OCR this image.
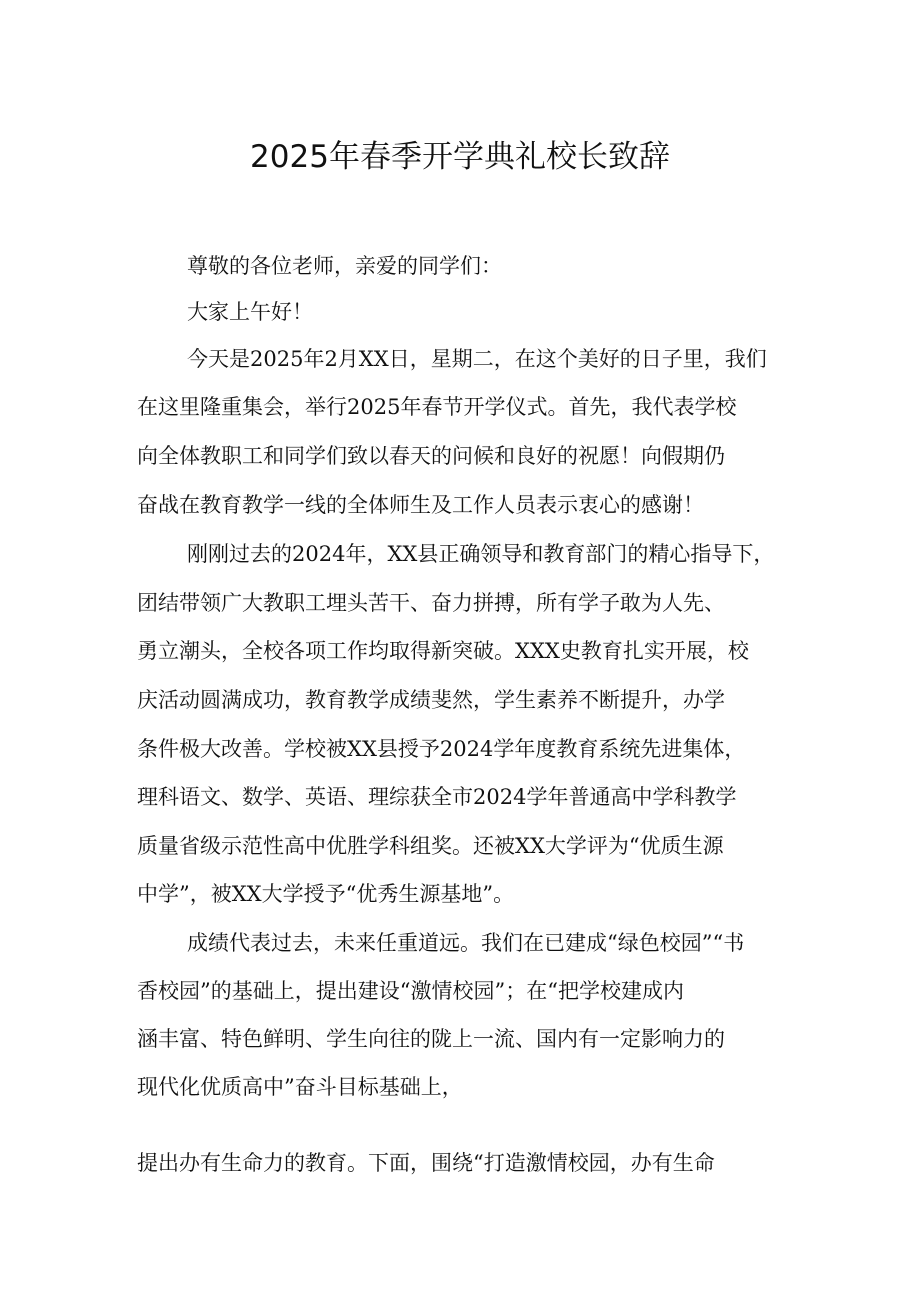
2025年春季开学典礼校长致辞

尊敬的各位老师，亲爱的同学们：

大家上午好！

今天是2025年2月XX日，星期二，在这个美好的日子里，我们

在这里隆重集会，举行2025年春节开学仪式。首先，我代表学校

向全体教职工和同学们致以春天的问候和良好的祝愿！向假期仍

奋战在教育教学一线的全体师生及工作人员表示衷心的感谢！

刚刚过去的2024年，XX县正确领导和教育部门的精心指导下，

团结带领广大教职工埋头苦干、奋力拼搏，所有学子敢为人先、

勇立潮头，全校各项工作均取得新突破。XXX史教育扎实开展，校

庆活动圆满成功，教育教学成绩斐然，学生素养不断提升，办学

条件极大改善。学校被XX县授予2024学年度教育系统先进集体，

理科语文、数学、英语、理综获全市2024学年普通高中学科教学

质量省级示范性高中优胜学科组奖。还被XX大学评为“优质生源

中学”，被XX大学授予“优秀生源基地”。

成绩代表过去，未来任重道远。我们在已建成“绿色校园”“书

香校园”的基础上，提出建设“激情校园”；在“把学校建成内

涵丰富、特色鲜明、学生向往的陇上一流、国内有一定影响力的

现代化优质高中”奋斗目标基础上，

提出办有生命力的教育。下面，围绕“打造激情校园，办有生命
